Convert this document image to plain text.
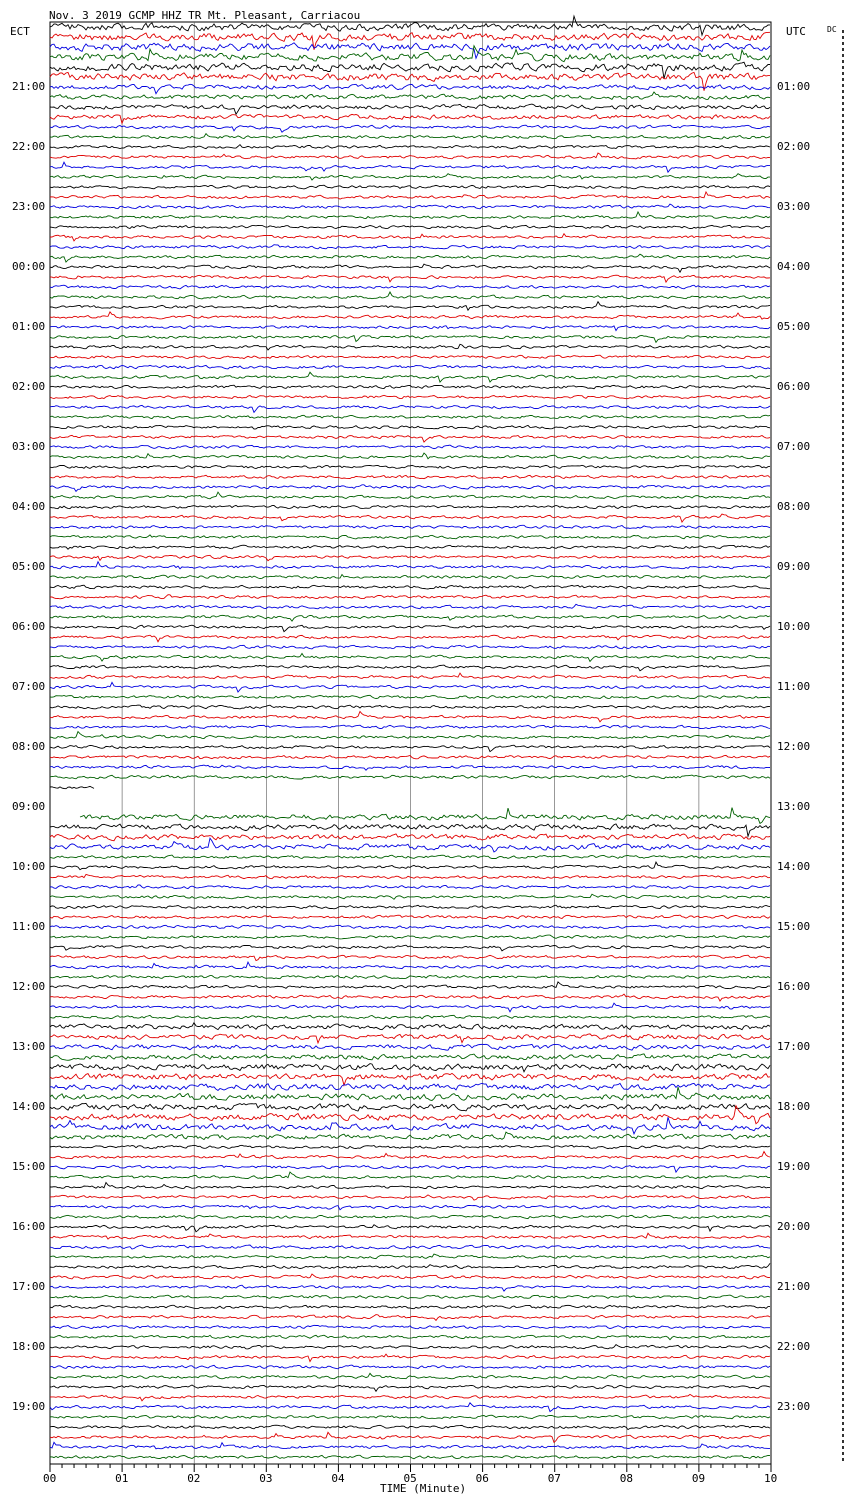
Nov. 3 2019 GCMP HHZ TR Mt. Pleasant, Carriacou
ECT	UTC	DC
21:00
22:00
23:00
00:00
01:00
02:00
03:00
04:00
05:00
06:00
07:00
08:00
09:00
10:00
11:00
12:00
13:00
14:00
15:00
16:00
17:00
18:00
19:00
01:00
02:00
03:00
04:00
05:00
06:00
07:00
08:00
09:00
10:00
11:00
12:00
13:00
14:00
15:00
16:00
17:00
18:00
19:00
20:00
21:00
22:00
23:00
00	01	02	03	04	05	06	07	08	09	10
TIME (Minute)
